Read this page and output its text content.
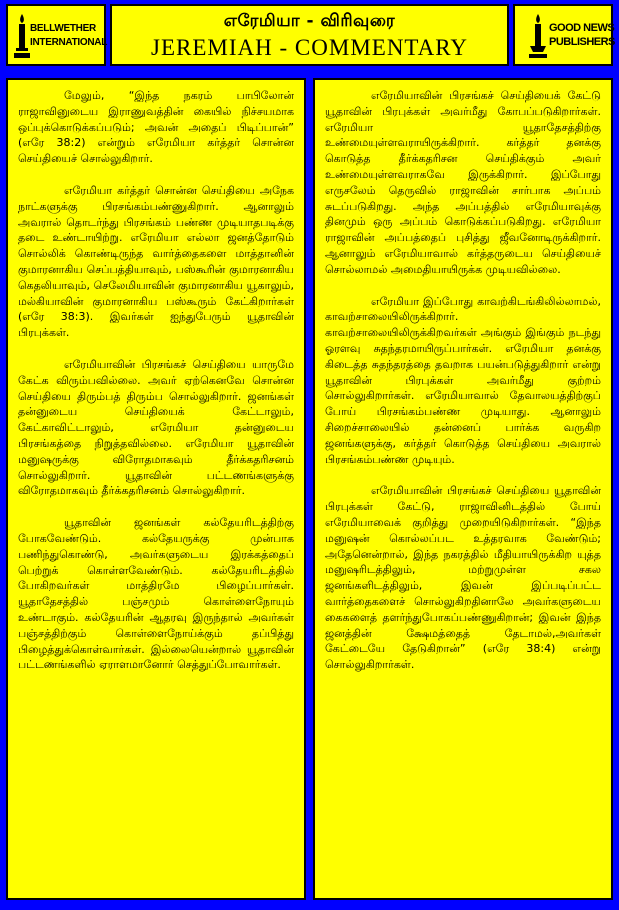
BELLWETHER
INTERNATIONAL
எரேமியா - விரிவுரை
JEREMIAH - COMMENTARY
GOOD NEWS
PUBLISHERS

மேலும், “இந்த நகரம் பாபிலோன் ராஜாவினுடைய இராணுவத்தின் கையில் நிச்சயமாக ஒப்புக்கொடுக்கப்படும்; அவன் அதைப் பிடிப்பான்” (எரே 38:2) என்றும் எரேமியா கர்த்தர் சொன்ன செய்தியைச் சொல்லுகிறார்.

எரேமியா கர்த்தர் சொன்ன செய்தியை அநேக நாட்களுக்கு பிரசங்கம்பண்ணுகிறார். ஆனாலும் அவரால் தொடர்ந்து பிரசங்கம் பண்ண முடியாதபடிக்கு தடை உண்டாயிற்று. எரேமியா எல்லா ஜனத்தோடும் சொல்லிக் கொண்டிருந்த வார்த்தைகளை மாத்தானின் குமாரனாகிய செப்பத்தியாவும், பஸ்கூரின் குமாரனாகிய கெதலியாவும், செலேமியாவின் குமாரனாகிய யூகாலும், மல்கியாவின் குமாரனாகிய பஸ்கூரும் கேட்கிறார்கள் (எரே 38:3). இவர்கள் ஐந்துபேரும் யூதாவின் பிரபுக்கள்.

எரேமியாவின் பிரசங்கச் செய்தியை யாருமே கேட்க விரும்பவில்லை. அவர் ஏற்கெனவே சொன்ன செய்தியை திரும்பத் திரும்ப சொல்லுகிறார். ஜனங்கள் தன்னுடைய செய்தியைக் கேட்டாலும், கேட்காவிட்டாலும், எரேமியா தன்னுடைய பிரசங்கத்தை நிறுத்தவில்லை. எரேமியா யூதாவின் மனுஷருக்கு விரோதமாகவும் தீர்க்கதரிசனம் சொல்லுகிறார். யூதாவின் பட்டணங்களுக்கு விரோதமாகவும் தீர்க்கதரிசனம் சொல்லுகிறார்.

யூதாவின் ஜனங்கள் கல்தேயரிடத்திற்கு போகவேண்டும். கல்தேயருக்கு முன்பாக பணிந்துகொண்டு, அவர்களுடைய இரக்கத்தைப் பெற்றுக் கொள்ளவேண்டும். கல்தேயரிடத்தில் போகிறவர்கள் மாத்திரமே பிழைப்பார்கள். யூதாதேசத்தில் பஞ்சமும் கொள்ளைநோயும் உண்டாகும். கல்தேயரின் ஆதரவு இருந்தால் அவர்கள் பஞ்சத்திற்கும் கொள்ளைநோய்க்கும் தப்பித்து பிழைத்துக்கொள்வார்கள். இல்லையென்றால் யூதாவின் பட்டணங்களில் ஏராளமானோர் செத்துப்போவார்கள்.

எரேமியாவின் பிரசங்கச் செய்தியைக் கேட்டு யூதாவின் பிரபுக்கள் அவர்மீது கோபப்படுகிறார்கள். எரேமியா யூதாதேசத்திற்கு உண்மையுள்ளவராயிருக்கிறார். கர்த்தர் தனக்கு கொடுத்த தீர்க்கதரிசன செய்திக்கும் அவர் உண்மையுள்ளவராகவே இருக்கிறார். இப்போது எருசலேம் தெருவில் ராஜாவின் சார்பாக அப்பம் சுடப்படுகிறது. அந்த அப்பத்தில் எரேமியாவுக்கு தினமும் ஒரு அப்பம் கொடுக்கப்படுகிறது. எரேமியா ராஜாவின் அப்பத்தைப் புசித்து ஜீவனோடிருக்கிறார். ஆனாலும் எரேமியாவால் கர்த்தருடைய செய்தியைச் சொல்லாமல் அமைதியாயிருக்க முடியவில்லை.

எரேமியா இப்போது காவற்கிடங்கிலில்லாமல், காவற்சாலையிலிருக்கிறார். காவற்சாலையிலிருக்கிறவர்கள் அங்கும் இங்கும் நடந்து ஓரளவு சுதந்தரமாயிருப்பார்கள். எரேமியா தனக்கு கிடைத்த சுதந்தரத்தை தவறாக பயன்படுத்துகிறார் என்று யூதாவின் பிரபுக்கள் அவர்மீது குற்றம் சொல்லுகிறார்கள். எரேமியாவால் தேவாலயத்திற்குப் போய் பிரசங்கம்பண்ண முடியாது. ஆனாலும் சிறைச்சாலையில் தன்னைப் பார்க்க வருகிற ஜனங்களுக்கு, கர்த்தர் கொடுத்த செய்தியை அவரால் பிரசங்கம்பண்ண முடியும்.

எரேமியாவின் பிரசங்கச் செய்தியை யூதாவின் பிரபுக்கள் கேட்டு, ராஜாவினிடத்தில் போய் எரேமியாவைக் குறித்து முறையிடுகிறார்கள். “இந்த மனுஷன் கொல்லப்பட உத்தரவாக வேண்டும்; அதேனென்றால், இந்த நகரத்தில் மீதியாயிருக்கிற யுத்த மனுஷரிடத்திலும், மற்றுமுள்ள சகல ஜனங்களிடத்திலும், இவன் இப்படிப்பட்ட வார்த்தைகளைச் சொல்லுகிறதினாலே அவர்களுடைய கைகளைத் தளர்ந்துபோகப்பண்ணுகிறான்; இவன் இந்த ஜனத்தின் க்ஷேமத்தைத் தேடாமல்,அவர்கள் கேட்டையே தேடுகிறான்” (எரே 38:4) என்று சொல்லுகிறார்கள்.
